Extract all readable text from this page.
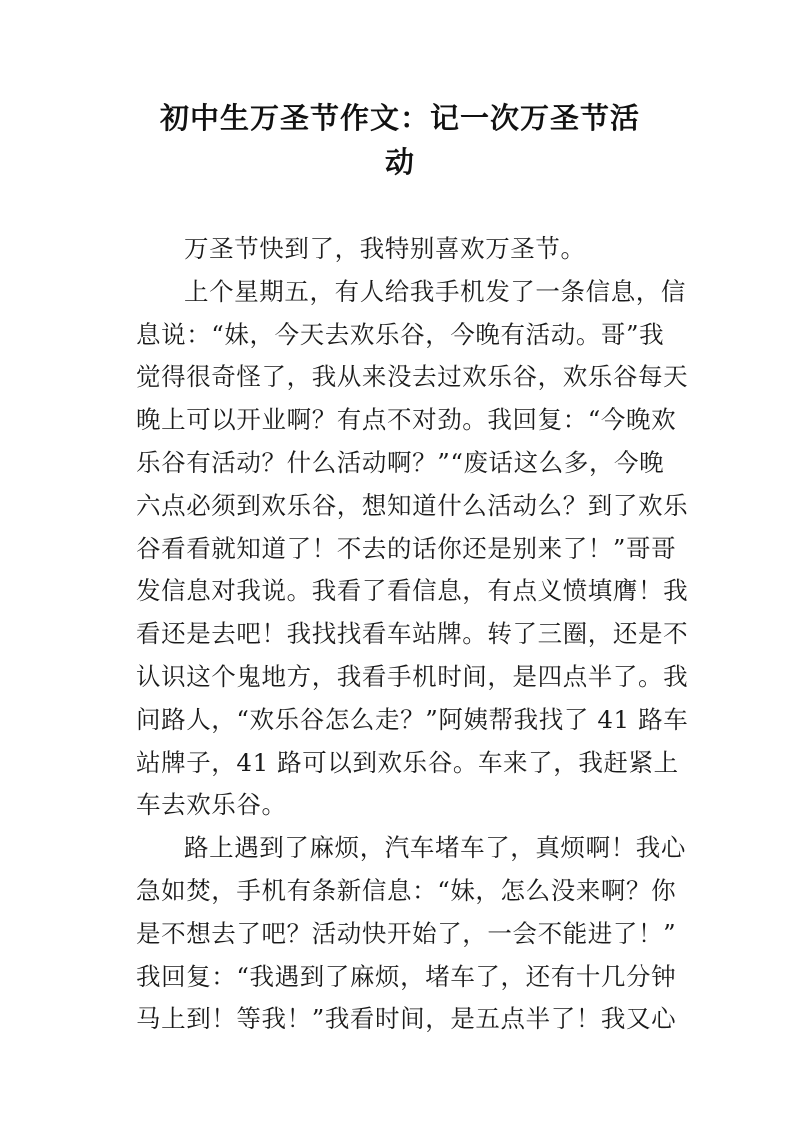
初中生万圣节作文：记一次万圣节活
动
万圣节快到了，我特别喜欢万圣节。
上个星期五，有人给我手机发了一条信息，信
息说：“妹，今天去欢乐谷，今晚有活动。哥”我
觉得很奇怪了，我从来没去过欢乐谷，欢乐谷每天
晚上可以开业啊？有点不对劲。我回复：“今晚欢
乐谷有活动？什么活动啊？”“废话这么多，今晚
六点必须到欢乐谷，想知道什么活动么？到了欢乐
谷看看就知道了！不去的话你还是别来了！”哥哥
发信息对我说。我看了看信息，有点义愤填膺！我
看还是去吧！我找找看车站牌。转了三圈，还是不
认识这个鬼地方，我看手机时间，是四点半了。我
问路人，“欢乐谷怎么走？”阿姨帮我找了 41 路车
站牌子，41 路可以到欢乐谷。车来了，我赶紧上
车去欢乐谷。
路上遇到了麻烦，汽车堵车了，真烦啊！我心
急如焚，手机有条新信息：“妹，怎么没来啊？你
是不想去了吧？活动快开始了，一会不能进了！”
我回复：“我遇到了麻烦，堵车了，还有十几分钟
马上到！等我！”我看时间，是五点半了！我又心
